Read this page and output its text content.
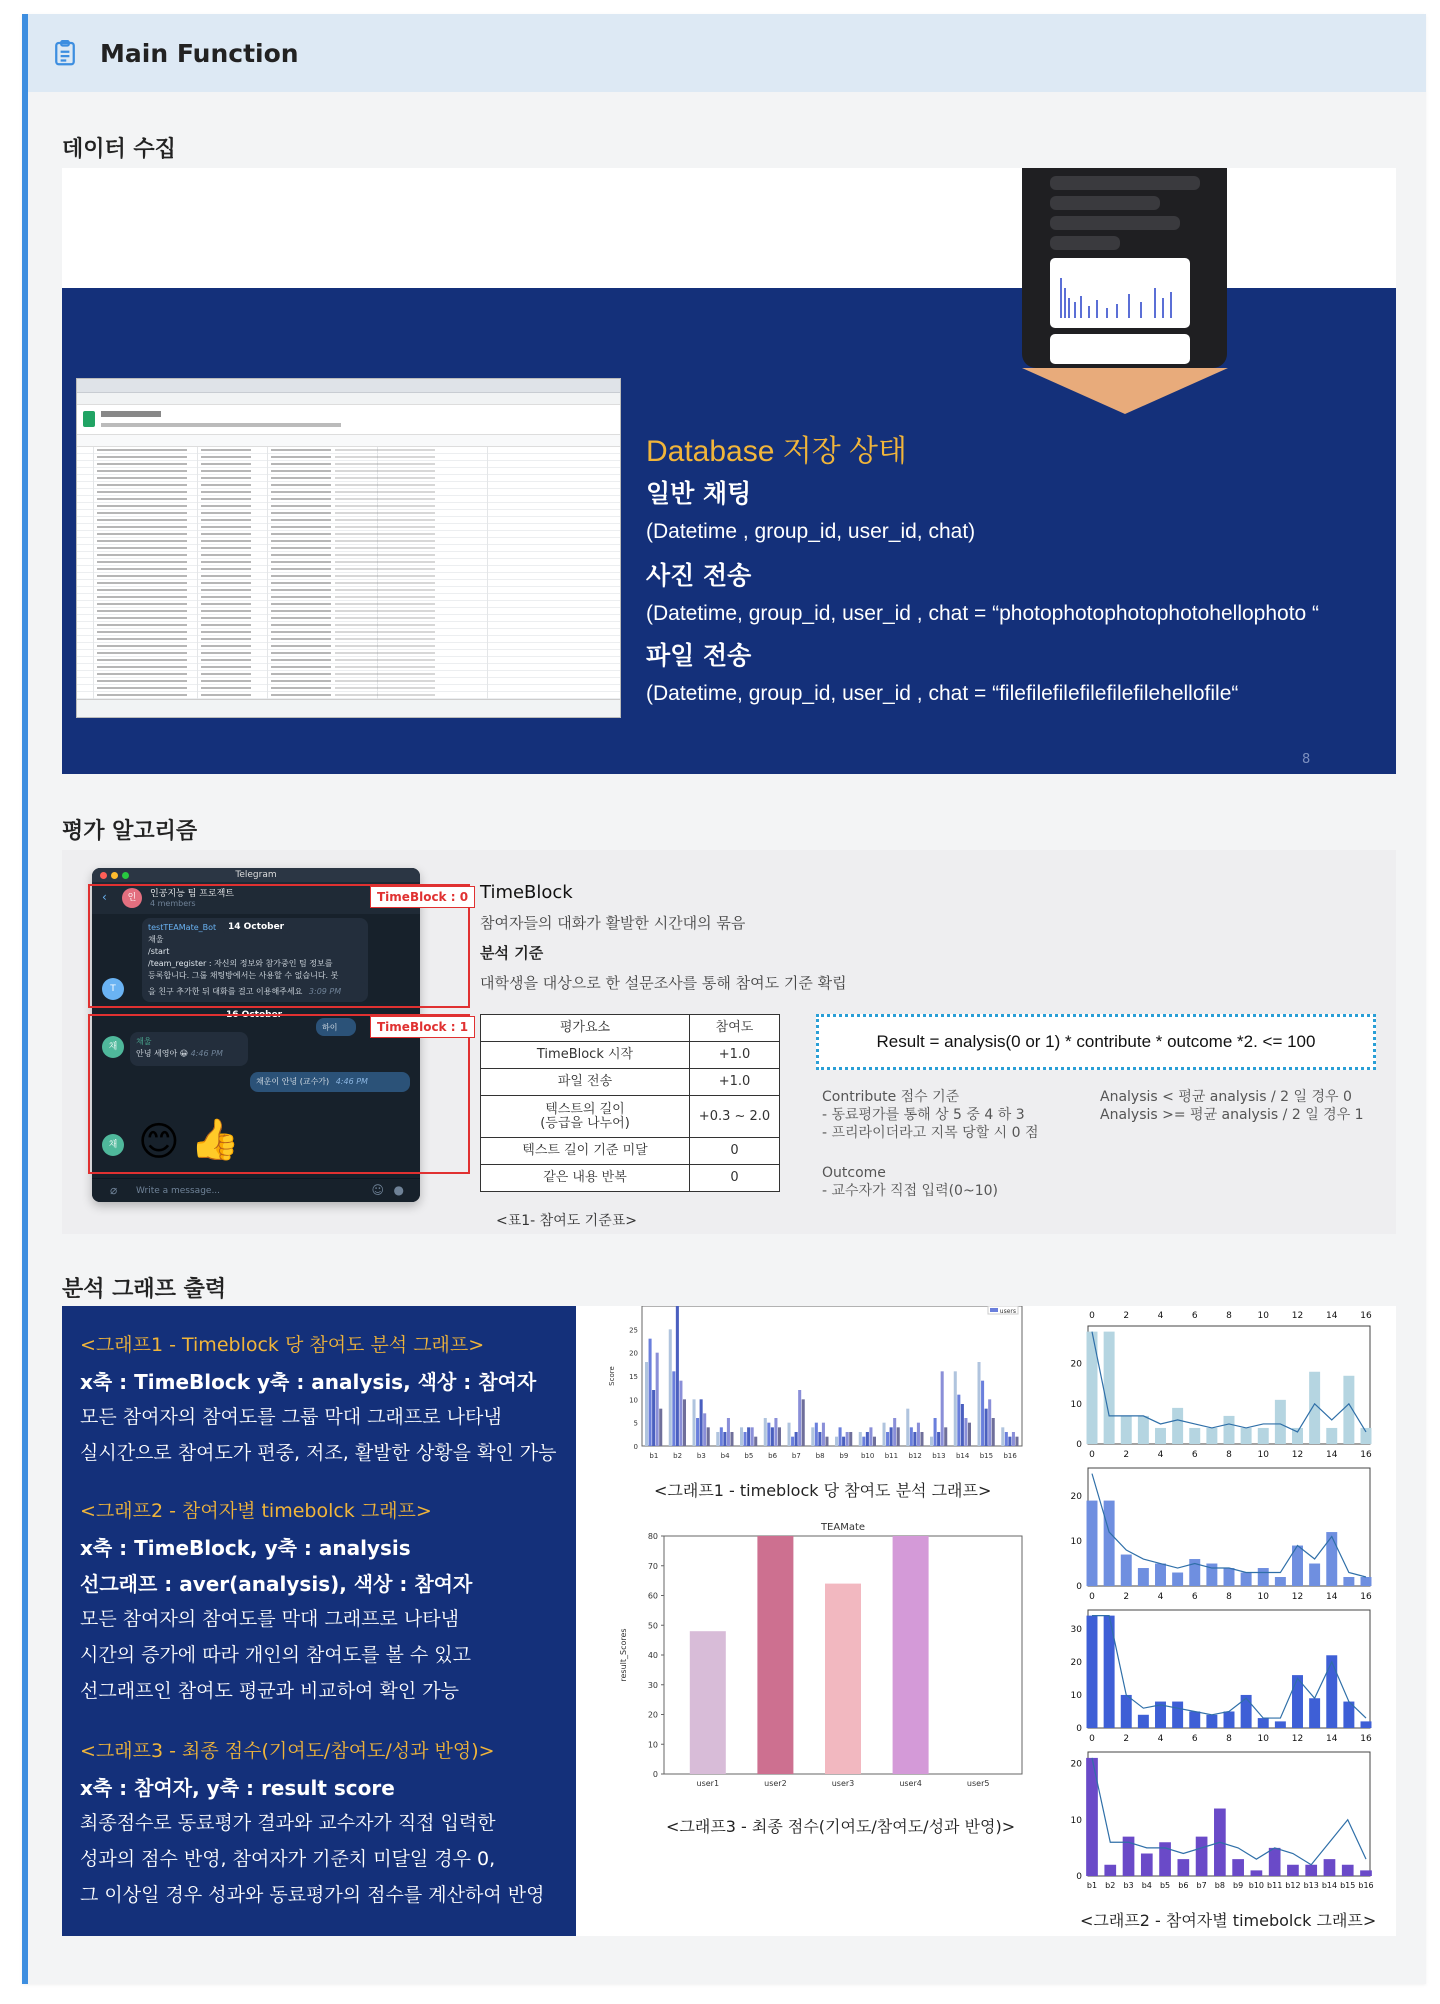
Main Function
데이터 수집
Database 저장 상태
일반 채팅
(Datetime , group_id, user_id, chat)
사진 전송
(Datetime, group_id, user_id , chat = “photophotophotophotohellophoto “
파일 전송
(Datetime, group_id, user_id , chat = “filefilefilefilefilefilehellofile“
8
평가 알고리즘
Telegram
‹	인	인공지능 팀 프로젝트
4 members
testTEAMate_Bot
채울
/start
/team_register : 자신의 정보와 참가중인 팀 정보를
등록합니다. 그룹 채팅방에서는 사용할 수 없습니다. 봇
을 친구 추가한 뒤 대화를 걸고 이용해주세요 3:09 PM
14 October
T
16 October
하이
채
채울
안녕 세영아 😀 4:46 PM
채운이 안녕 (교수가) 4:46 PM
채 😊 👍
Write a message...
⌀	☺ ●
TimeBlock : 0
TimeBlock : 1
TimeBlock
참여자들의 대화가 활발한 시간대의 묶음
분석 기준
대학생을 대상으로 한 설문조사를 통해 참여도 기준 확립
평가요소	참여도
TimeBlock 시작	+1.0
파일 전송	+1.0
텍스트의 길이
(등급을 나누어)	+0.3 ~ 2.0
텍스트 길이 기준 미달	0
같은 내용 반복	0
<표1- 참여도 기준표>
Result = analysis(0 or 1) * contribute * outcome *2. <= 100
Contribute 점수 기준
- 동료평가를 통해 상 5 중 4 하 3
- 프리라이더라고 지목 당할 시 0 점
Analysis < 평균 analysis / 2 일 경우 0
Analysis >= 평균 analysis / 2 일 경우 1
Outcome
- 교수자가 직접 입력(0~10)
분석 그래프 출력
<그래프1 - Timeblock 당 참여도 분석 그래프>
x축 : TimeBlock y축 : analysis, 색상 : 참여자
모든 참여자의 참여도를 그룹 막대 그래프로 나타냄
실시간으로 참여도가 편중, 저조, 활발한 상황을 확인 가능
<그래프2 - 참여자별 timebolck 그래프>
x축 : TimeBlock, y축 : analysis
선그래프 : aver(analysis), 색상 : 참여자
모든 참여자의 참여도를 막대 그래프로 나타냄
시간의 증가에 따라 개인의 참여도를 볼 수 있고
선그래프인 참여도 평균과 비교하여 확인 가능
<그래프3 - 최종 점수(기여도/참여도/성과 반영)>
x축 : 참여자, y축 : result score
최종점수로 동료평가 결과와 교수자가 직접 입력한
성과의 점수 반영, 참여자가 기준치 미달일 경우 0,
그 이상일 경우 성과와 동료평가의 점수를 계산하여 반영
0
5
10
15
20
25
Score
b1 b2 b3 b4 b5 b6 b7 b8 b9 b10 b11 b12 b13 b14 b15 b16
users
<그래프1 - timeblock 당 참여도 분석 그래프>
TEAMate
0
10
20
30
40
50
60
70
80
result_Scores
user1	user2	user3	user4	user5
<그래프3 - 최종 점수(기여도/참여도/성과 반영)>
0
10
20
0
0
2
2
4
4
6
6
8
8
10
10
12
12
14
14
16
16
0
10
20
0	2	4	6	8	10	12	14	16
0
10
20
30
0	2	4	6	8	10	12	14	16
0
10
20
b1 b2 b3 b4 b5 b6 b7 b8 b9 b10 b11 b12 b13 b14 b15 b16
<그래프2 - 참여자별 timebolck 그래프>
